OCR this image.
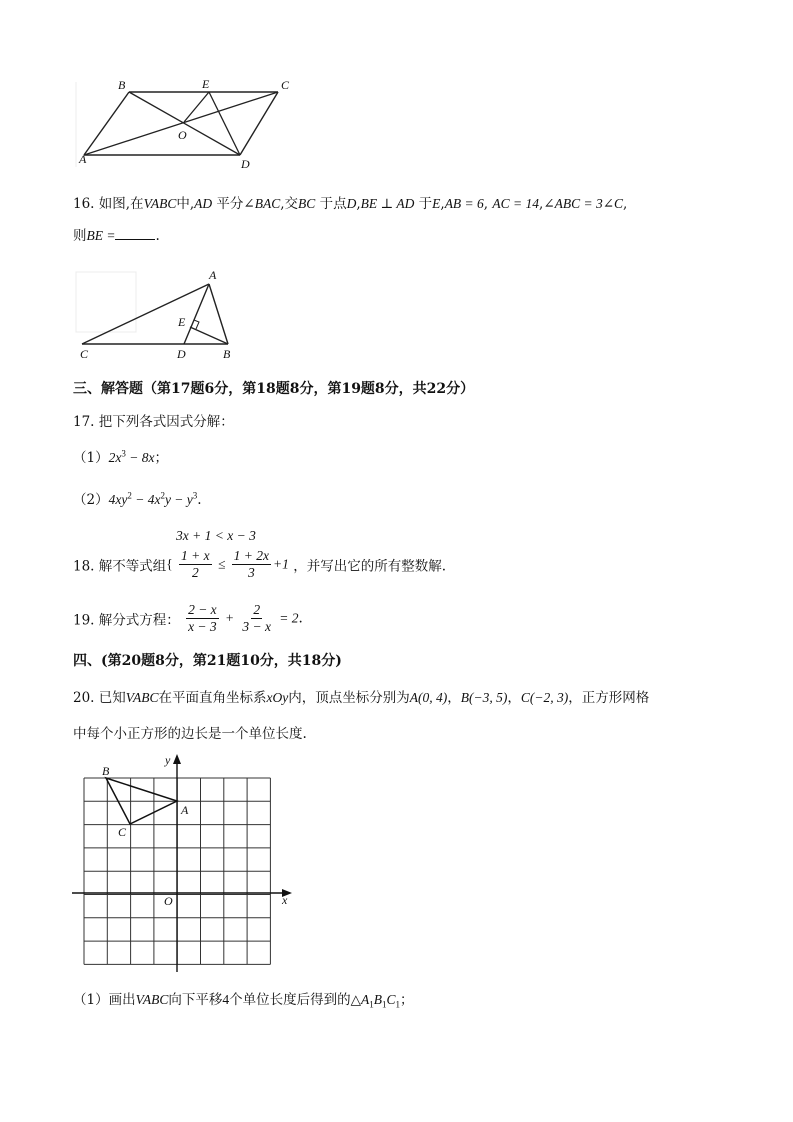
B	E	C
O
A	D
16. 如图,在VABC中,AD 平分∠BAC,交BC 于点D,BE ⊥ AD 于E,AB = 6, AC = 14,∠ABC = 3∠C,
则BE =	.
A
E
C	D	B
三、解答题（第17题6分，第18题8分，第19题8分，共22分）
17. 把下列各式因式分解：
$(1)2x^3 - 8x$；
$(2)4xy^2 - 4x^2y - y^3$.
3x + 1 < x − 3
18. 解不等式组{ $\frac{1 + x}{2} \le \frac{1 + 2x}{3} +1$ ，并写出它的所有整数解.
19. 解分式方程： $\frac{2 - x}{x - 3} + \frac{2}{3 - x} = 2$.
四、(第20题8分，第21题10分，共18分)
20. 已知VABC在平面直角坐标系xOy内，顶点坐标分别为A(0, 4)，B(−3, 5)，C(−2, 3)，正方形网格
中每个小正方形的边长是一个单位长度.
y
x
O
A
B
C
（1）画出VABC向下平移4个单位长度后得到的$\triangle A_1B_1C_1$；
